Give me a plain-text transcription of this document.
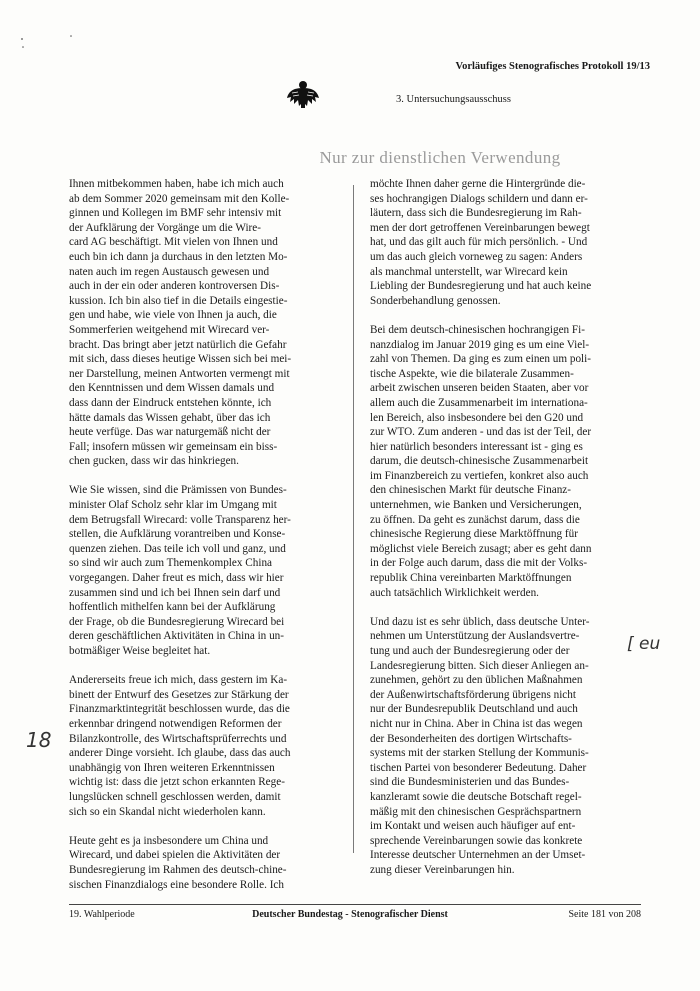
Vorläufiges Stenografisches Protokoll 19/13
3. Untersuchungsausschuss
Nur zur dienstlichen Verwendung

Ihnen mitbekommen haben, habe ich mich auch
ab dem Sommer 2020 gemeinsam mit den Kolle-
ginnen und Kollegen im BMF sehr intensiv mit
der Aufklärung der Vorgänge um die Wire-
card AG beschäftigt. Mit vielen von Ihnen und
euch bin ich dann ja durchaus in den letzten Mo-
naten auch im regen Austausch gewesen und
auch in der ein oder anderen kontroversen Dis-
kussion. Ich bin also tief in die Details eingestie-
gen und habe, wie viele von Ihnen ja auch, die
Sommerferien weitgehend mit Wirecard ver-
bracht. Das bringt aber jetzt natürlich die Gefahr
mit sich, dass dieses heutige Wissen sich bei mei-
ner Darstellung, meinen Antworten vermengt mit
den Kenntnissen und dem Wissen damals und
dass dann der Eindruck entstehen könnte, ich
hätte damals das Wissen gehabt, über das ich
heute verfüge. Das war naturgemäß nicht der
Fall; insofern müssen wir gemeinsam ein biss-
chen gucken, dass wir das hinkriegen.

Wie Sie wissen, sind die Prämissen von Bundes-
minister Olaf Scholz sehr klar im Umgang mit
dem Betrugsfall Wirecard: volle Transparenz her-
stellen, die Aufklärung vorantreiben und Konse-
quenzen ziehen. Das teile ich voll und ganz, und
so sind wir auch zum Themenkomplex China
vorgegangen. Daher freut es mich, dass wir hier
zusammen sind und ich bei Ihnen sein darf und
hoffentlich mithelfen kann bei der Aufklärung
der Frage, ob die Bundesregierung Wirecard bei
deren geschäftlichen Aktivitäten in China in un-
botmäßiger Weise begleitet hat.

Andererseits freue ich mich, dass gestern im Ka-
binett der Entwurf des Gesetzes zur Stärkung der
Finanzmarktintegrität beschlossen wurde, das die
erkennbar dringend notwendigen Reformen der
Bilanzkontrolle, des Wirtschaftsprüferrechts und
anderer Dinge vorsieht. Ich glaube, dass das auch
unabhängig von Ihren weiteren Erkenntnissen
wichtig ist: dass die jetzt schon erkannten Rege-
lungslücken schnell geschlossen werden, damit
sich so ein Skandal nicht wiederholen kann.

Heute geht es ja insbesondere um China und
Wirecard, und dabei spielen die Aktivitäten der
Bundesregierung im Rahmen des deutsch-chine-
sischen Finanzdialogs eine besondere Rolle. Ich

möchte Ihnen daher gerne die Hintergründe die-
ses hochrangigen Dialogs schildern und dann er-
läutern, dass sich die Bundesregierung im Rah-
men der dort getroffenen Vereinbarungen bewegt
hat, und das gilt auch für mich persönlich. - Und
um das auch gleich vorneweg zu sagen: Anders
als manchmal unterstellt, war Wirecard kein
Liebling der Bundesregierung und hat auch keine
Sonderbehandlung genossen.

Bei dem deutsch-chinesischen hochrangigen Fi-
nanzdialog im Januar 2019 ging es um eine Viel-
zahl von Themen. Da ging es zum einen um poli-
tische Aspekte, wie die bilaterale Zusammen-
arbeit zwischen unseren beiden Staaten, aber vor
allem auch die Zusammenarbeit im internationa-
len Bereich, also insbesondere bei den G20 und
zur WTO. Zum anderen - und das ist der Teil, der
hier natürlich besonders interessant ist - ging es
darum, die deutsch-chinesische Zusammenarbeit
im Finanzbereich zu vertiefen, konkret also auch
den chinesischen Markt für deutsche Finanz-
unternehmen, wie Banken und Versicherungen,
zu öffnen. Da geht es zunächst darum, dass die
chinesische Regierung diese Marktöffnung für
möglichst viele Bereich zusagt; aber es geht dann
in der Folge auch darum, dass die mit der Volks-
republik China vereinbarten Marktöffnungen
auch tatsächlich Wirklichkeit werden.

Und dazu ist es sehr üblich, dass deutsche Unter-
nehmen um Unterstützung der Auslandsvertre-
tung und auch der Bundesregierung oder der
Landesregierung bitten. Sich dieser Anliegen an-
zunehmen, gehört zu den üblichen Maßnahmen
der Außenwirtschaftsförderung übrigens nicht
nur der Bundesrepublik Deutschland und auch
nicht nur in China. Aber in China ist das wegen
der Besonderheiten des dortigen Wirtschafts-
systems mit der starken Stellung der Kommunis-
tischen Partei von besonderer Bedeutung. Daher
sind die Bundesministerien und das Bundes-
kanzleramt sowie die deutsche Botschaft regel-
mäßig mit den chinesischen Gesprächspartnern
im Kontakt und weisen auch häufiger auf ent-
sprechende Vereinbarungen sowie das konkrete
Interesse deutscher Unternehmen an der Umset-
zung dieser Vereinbarungen hin.

18
[ eu
19. Wahlperiode	Deutscher Bundestag - Stenografischer Dienst	Seite 181 von 208
